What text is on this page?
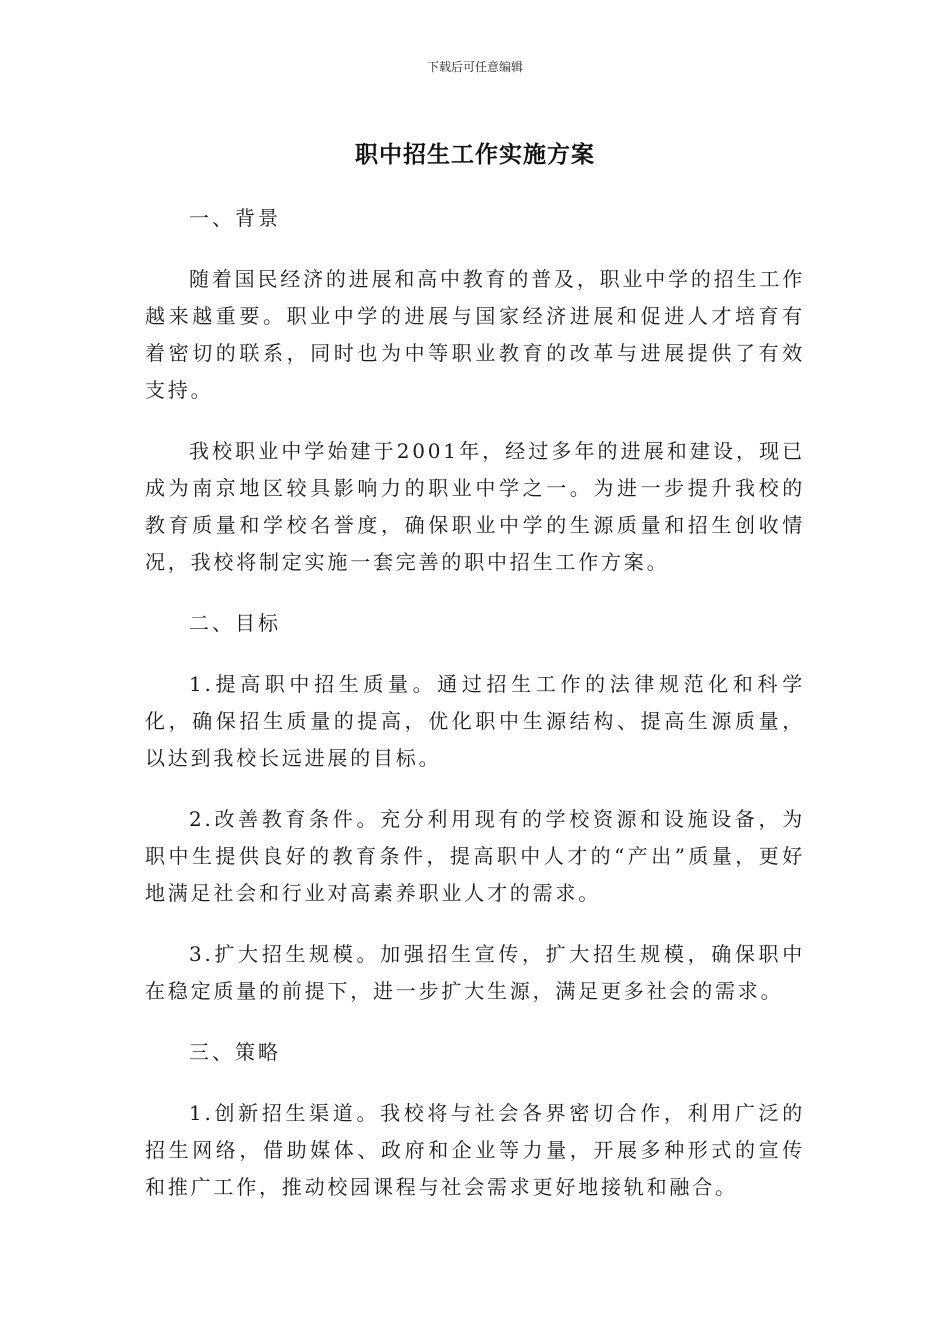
下载后可任意编辑
职中招生工作实施方案

一、背景

随着国民经济的进展和高中教育的普及，职业中学的招生工作越来越重要。职业中学的进展与国家经济进展和促进人才培育有着密切的联系，同时也为中等职业教育的改革与进展提供了有效支持。

我校职业中学始建于2001年，经过多年的进展和建设，现已成为南京地区较具影响力的职业中学之一。为进一步提升我校的教育质量和学校名誉度，确保职业中学的生源质量和招生创收情况，我校将制定实施一套完善的职中招生工作方案。

二、目标

1.提高职中招生质量。通过招生工作的法律规范化和科学化，确保招生质量的提高，优化职中生源结构、提高生源质量，以达到我校长远进展的目标。

2.改善教育条件。充分利用现有的学校资源和设施设备，为职中生提供良好的教育条件，提高职中人才的“产出”质量，更好地满足社会和行业对高素养职业人才的需求。

3.扩大招生规模。加强招生宣传，扩大招生规模，确保职中在稳定质量的前提下，进一步扩大生源，满足更多社会的需求。

三、策略

1.创新招生渠道。我校将与社会各界密切合作，利用广泛的招生网络，借助媒体、政府和企业等力量，开展多种形式的宣传和推广工作，推动校园课程与社会需求更好地接轨和融合。
